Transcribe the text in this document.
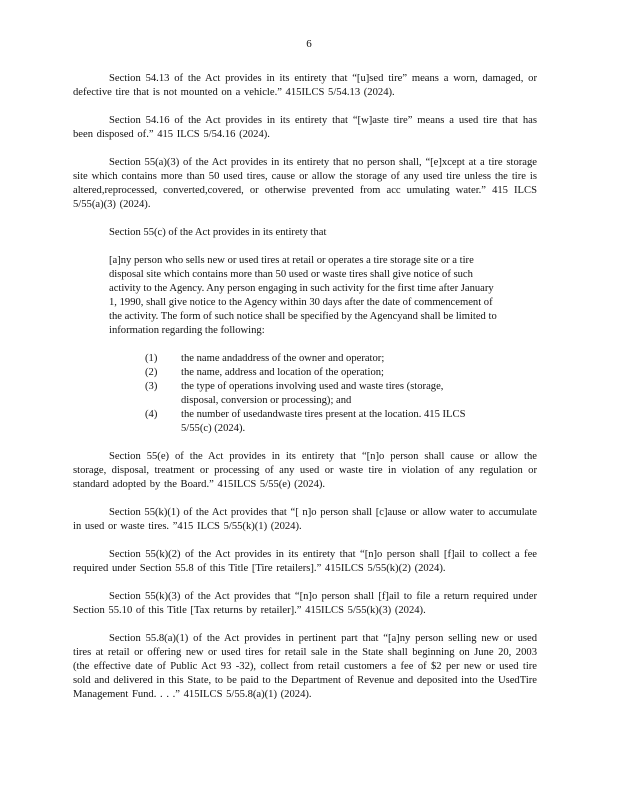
6

Section 54.13 of the Act provides in its entirety that “[u]sed tire” means a worn, damaged, or defective tire that is not mounted on a vehicle.” 415ILCS 5/54.13 (2024).

Section 54.16 of the Act provides in its entirety that “[w]aste tire” means a used tire that has been disposed of.” 415 ILCS 5/54.16 (2024).

Section 55(a)(3) of the Act provides in its entirety that no person shall, “[e]xcept at a tire storage site which contains more than 50 used tires, cause or allow the storage of any used tire unless the tire is altered,reprocessed, converted,covered, or otherwise prevented from acc umulating water.” 415 ILCS 5/55(a)(3) (2024).

Section 55(c) of the Act provides in its entirety that

[a]ny person who sells new or used tires at retail or operates a tire storage site or a tire disposal site which contains more than 50 used or waste tires shall give notice of such activity to the Agency. Any person engaging in such activity for the first time after January 1, 1990, shall give notice to the Agency within 30 days after the date of commencement of the activity. The form of such notice shall be specified by the Agencyand shall be limited to information regarding the following:

(1)	the name andaddress of the owner and operator;
(2)	the name, address and location of the operation;
(3)	the type of operations involving used and waste tires (storage, disposal, conversion or processing); and
(4)	the number of usedandwaste tires present at the location. 415 ILCS 5/55(c) (2024).

Section 55(e) of the Act provides in its entirety that “[n]o person shall cause or allow the storage, disposal, treatment or processing of any used or waste tire in violation of any regulation or standard adopted by the Board.” 415ILCS 5/55(e) (2024).

Section 55(k)(1) of the Act provides that “[ n]o person shall [c]ause or allow water to accumulate in used or waste tires. ”415 ILCS 5/55(k)(1) (2024).

Section 55(k)(2) of the Act provides in its entirety that “[n]o person shall [f]ail to collect a fee required under Section 55.8 of this Title [Tire retailers].” 415ILCS 5/55(k)(2) (2024).

Section 55(k)(3) of the Act provides that “[n]o person shall [f]ail to file a return required under Section 55.10 of this Title [Tax returns by retailer].” 415ILCS 5/55(k)(3) (2024).

Section 55.8(a)(1) of the Act provides in pertinent part that “[a]ny person selling new or used tires at retail or offering new or used tires for retail sale in the State shall beginning on June 20, 2003 (the effective date of Public Act 93 -32), collect from retail customers a fee of $2 per new or used tire sold and delivered in this State, to be paid to the Department of Revenue and deposited into the UsedTire Management Fund. . . .” 415ILCS 5/55.8(a)(1) (2024).
